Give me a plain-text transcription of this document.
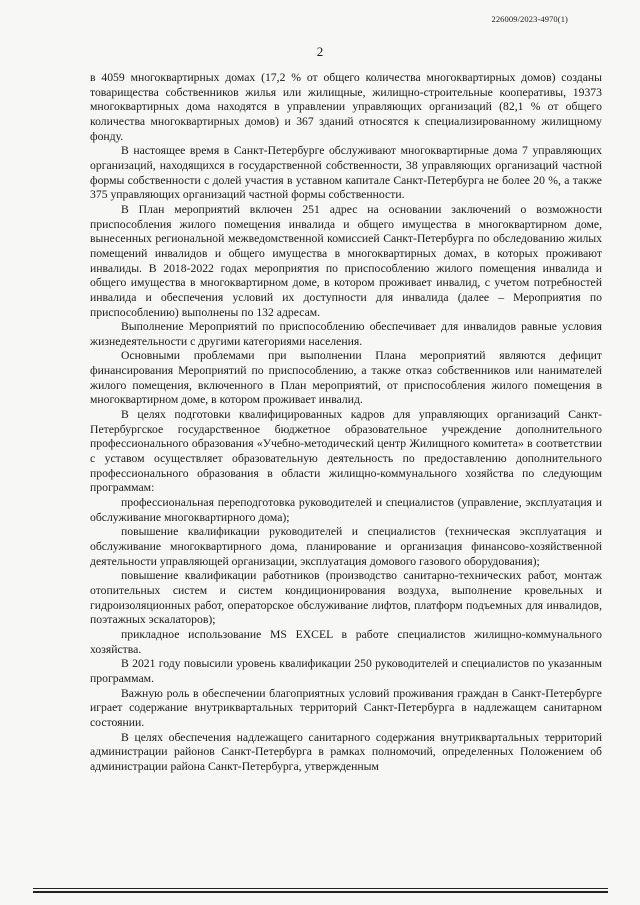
226009/2023-4970(1)
2

в 4059 многоквартирных домах (17,2 % от общего количества многоквартирных домов) созданы товарищества собственников жилья или жилищные, жилищно-строительные кооперативы, 19373 многоквартирных дома находятся в управлении управляющих организаций (82,1 % от общего количества многоквартирных домов) и 367 зданий относятся к специализированному жилищному фонду.

В настоящее время в Санкт-Петербурге обслуживают многоквартирные дома 7 управляющих организаций, находящихся в государственной собственности, 38 управляющих организаций частной формы собственности с долей участия в уставном капитале Санкт-Петербурга не более 20 %, а также 375 управляющих организаций частной формы собственности.

В План мероприятий включен 251 адрес на основании заключений о возможности приспособления жилого помещения инвалида и общего имущества в многоквартирном доме, вынесенных региональной межведомственной комиссией Санкт-Петербурга по обследованию жилых помещений инвалидов и общего имущества в многоквартирных домах, в которых проживают инвалиды. В 2018-2022 годах мероприятия по приспособлению жилого помещения инвалида и общего имущества в многоквартирном доме, в котором проживает инвалид, с учетом потребностей инвалида и обеспечения условий их доступности для инвалида (далее – Мероприятия по приспособлению) выполнены по 132 адресам.

Выполнение Мероприятий по приспособлению обеспечивает для инвалидов равные условия жизнедеятельности с другими категориями населения.

Основными проблемами при выполнении Плана мероприятий являются дефицит финансирования Мероприятий по приспособлению, а также отказ собственников или нанимателей жилого помещения, включенного в План мероприятий, от приспособления жилого помещения в многоквартирном доме, в котором проживает инвалид.

В целях подготовки квалифицированных кадров для управляющих организаций Санкт-Петербургское государственное бюджетное образовательное учреждение дополнительного профессионального образования «Учебно-методический центр Жилищного комитета» в соответствии с уставом осуществляет образовательную деятельность по предоставлению дополнительного профессионального образования в области жилищно-коммунального хозяйства по следующим программам:

профессиональная переподготовка руководителей и специалистов (управление, эксплуатация и обслуживание многоквартирного дома);

повышение квалификации руководителей и специалистов (техническая эксплуатация и обслуживание многоквартирного дома, планирование и организация финансово-хозяйственной деятельности управляющей организации, эксплуатация домового газового оборудования);

повышение квалификации работников (производство санитарно-технических работ, монтаж отопительных систем и систем кондиционирования воздуха, выполнение кровельных и гидроизоляционных работ, операторское обслуживание лифтов, платформ подъемных для инвалидов, поэтажных эскалаторов);

прикладное использование MS EXCEL в работе специалистов жилищно-коммунального хозяйства.

В 2021 году повысили уровень квалификации 250 руководителей и специалистов по указанным программам.

Важную роль в обеспечении благоприятных условий проживания граждан в Санкт-Петербурге играет содержание внутриквартальных территорий Санкт-Петербурга в надлежащем санитарном состоянии.

В целях обеспечения надлежащего санитарного содержания внутриквартальных территорий администрации районов Санкт-Петербурга в рамках полномочий, определенных Положением об администрации района Санкт-Петербурга, утвержденным
